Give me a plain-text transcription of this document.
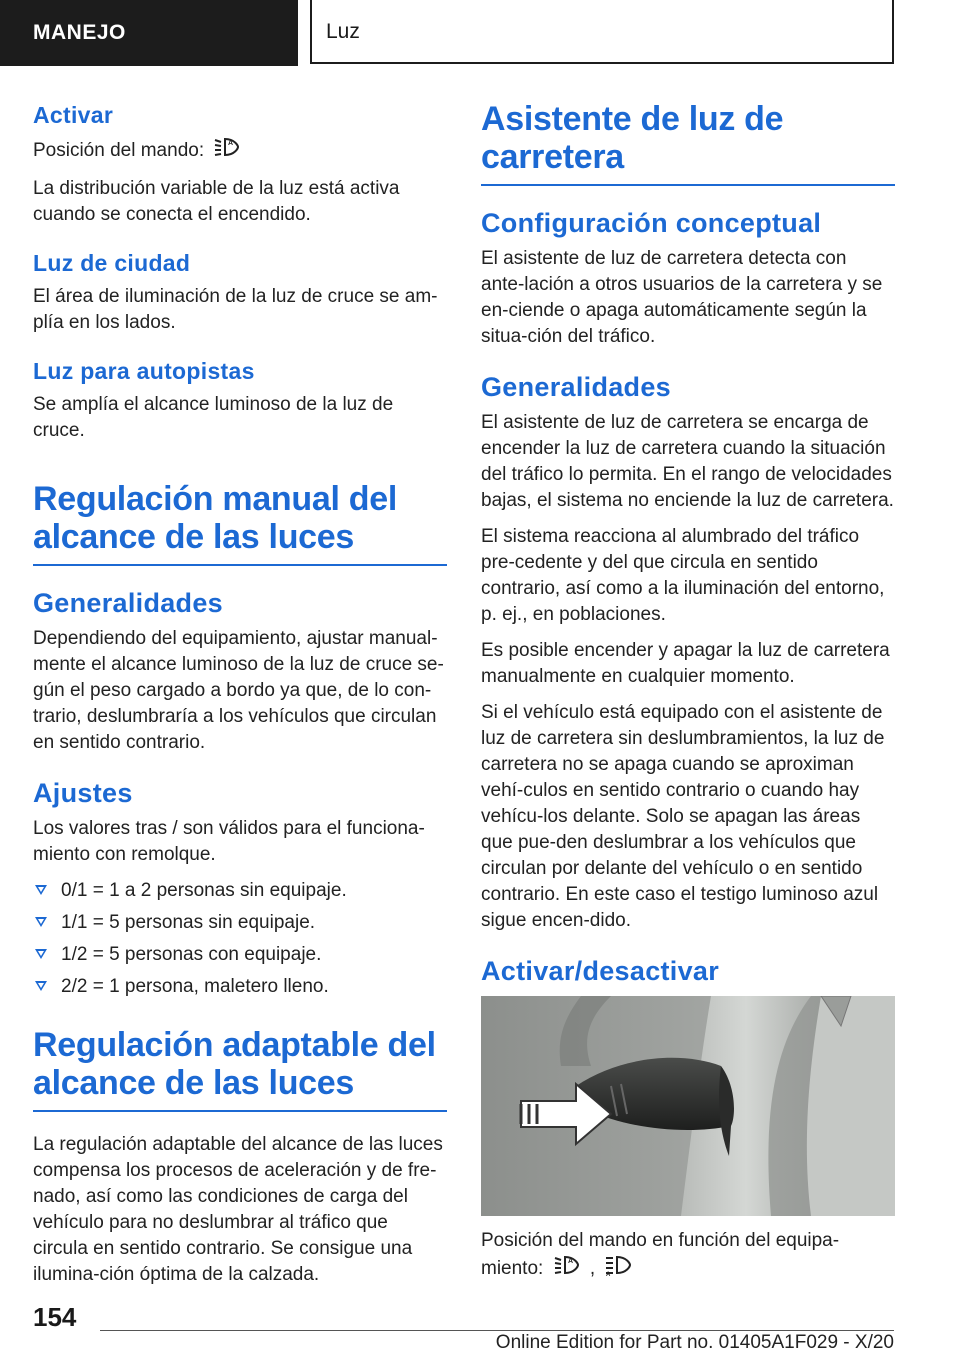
MANEJO	Luz
Activar

Posición del mando:	A

La distribución variable de la luz está activa cuando se conecta el encendido.

Luz de ciudad

El área de iluminación de la luz de cruce se am‐plía en los lados.

Luz para autopistas

Se amplía el alcance luminoso de la luz de cruce.

Regulación manual del alcance de las luces
Generalidades

Dependiendo del equipamiento, ajustar manual‐mente el alcance luminoso de la luz de cruce se‐gún el peso cargado a bordo ya que, de lo con‐trario, deslumbraría a los vehículos que circulan en sentido contrario.

Ajustes

Los valores tras / son válidos para el funciona‐miento con remolque.

0/1 = 1 a 2 personas sin equipaje.
1/1 = 5 personas sin equipaje.
1/2 = 5 personas con equipaje.
2/2 = 1 persona, maletero lleno.
Regulación adaptable del alcance de las luces

La regulación adaptable del alcance de las luces compensa los procesos de aceleración y de fre‐nado, así como las condiciones de carga del vehículo para no deslumbrar al tráfico que circula en sentido contrario. Se consigue una ilumina‐ción óptima de la calzada.

Asistente de luz de carretera
Configuración conceptual

El asistente de luz de carretera detecta con ante‐lación a otros usuarios de la carretera y se en‐ciende o apaga automáticamente según la situa‐ción del tráfico.

Generalidades

El asistente de luz de carretera se encarga de encender la luz de carretera cuando la situación del tráfico lo permita. En el rango de velocidades bajas, el sistema no enciende la luz de carretera.

El sistema reacciona al alumbrado del tráfico pre‐cedente y del que circula en sentido contrario, así como a la iluminación del entorno, p. ej., en poblaciones.

Es posible encender y apagar la luz de carretera manualmente en cualquier momento.

Si el vehículo está equipado con el asistente de luz de carretera sin deslumbramientos, la luz de carretera no se apaga cuando se aproximan vehí‐culos en sentido contrario o cuando hay vehícu‐los delante. Solo se apagan las áreas que pue‐den deslumbrar a los vehículos que circulan por delante del vehículo o en sentido contrario. En este caso el testigo luminoso azul sigue encen‐dido.

Activar/desactivar

Posición del mando en función del equipa‐

miento:	A , A

154
Online Edition for Part no. 01405A1F029 - X/20
